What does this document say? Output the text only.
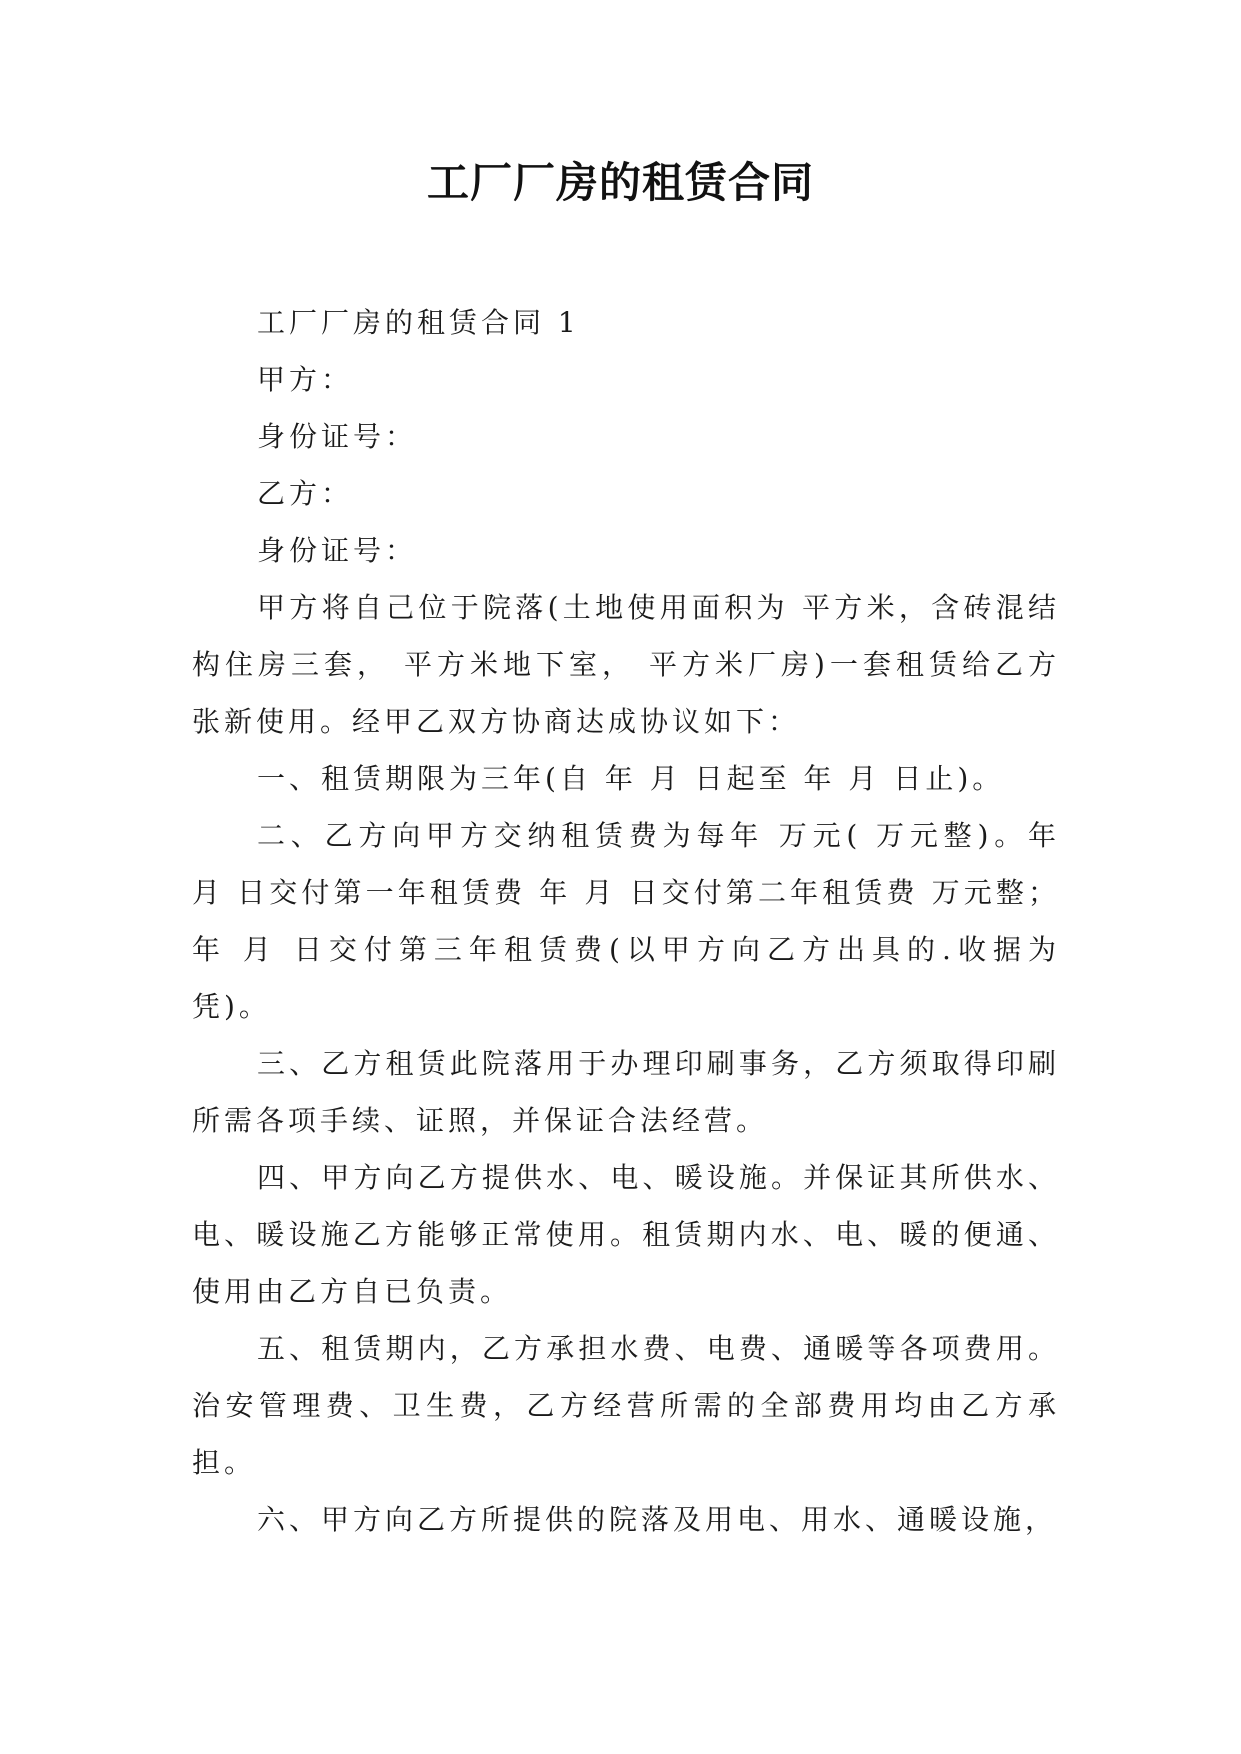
工厂厂房的租赁合同

工厂厂房的租赁合同 1

甲方：

身份证号：

乙方：

身份证号：

甲方将自己位于院落(土地使用面积为 平方米，含砖混结构住房三套， 平方米地下室， 平方米厂房)一套租赁给乙方张新使用。经甲乙双方协商达成协议如下：

一、租赁期限为三年(自 年 月 日起至 年 月 日止)。

二、乙方向甲方交纳租赁费为每年 万元( 万元整)。年 月 日交付第一年租赁费 年 月 日交付第二年租赁费 万元整；年 月 日交付第三年租赁费(以甲方向乙方出具的.收据为凭)。

三、乙方租赁此院落用于办理印刷事务，乙方须取得印刷所需各项手续、证照，并保证合法经营。

四、甲方向乙方提供水、电、暖设施。并保证其所供水、电、暖设施乙方能够正常使用。租赁期内水、电、暖的便通、使用由乙方自已负责。

五、租赁期内，乙方承担水费、电费、通暖等各项费用。治安管理费、卫生费，乙方经营所需的全部费用均由乙方承担。

六、甲方向乙方所提供的院落及用电、用水、通暖设施，
